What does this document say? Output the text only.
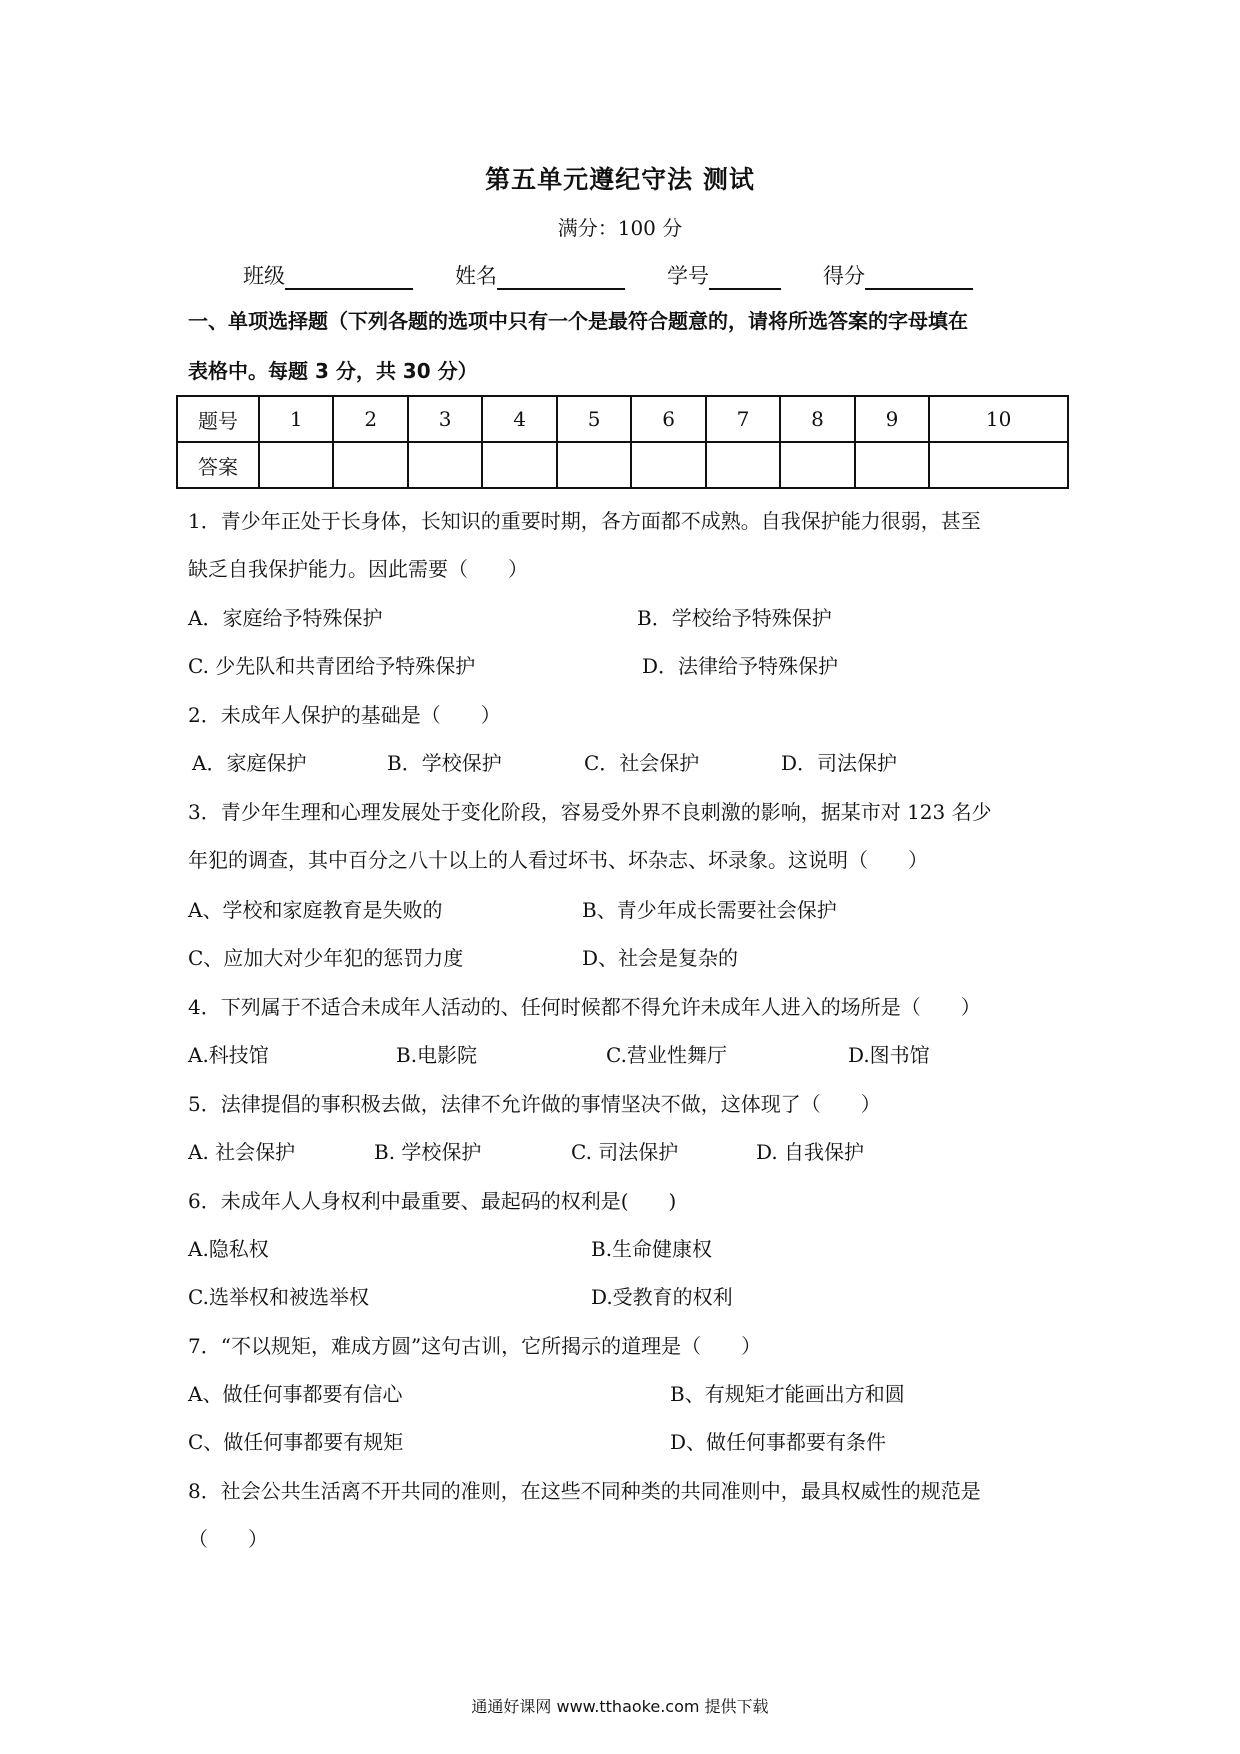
第五单元遵纪守法 测试
满分：100 分
班级	姓名	学号	得分
一、单项选择题（下列各题的选项中只有一个是最符合题意的，请将所选答案的字母填在
表格中。每题 3 分，共 30 分）
题号	1	2	3	4	5	6	7	8	9	10
答案										
1．青少年正处于长身体，长知识的重要时期，各方面都不成熟。自我保护能力很弱，甚至
缺乏自我保护能力。因此需要（　　）
A．家庭给予特殊保护	B．学校给予特殊保护
C. 少先队和共青团给予特殊保护	D．法律给予特殊保护
2．未成年人保护的基础是（　　）
A．家庭保护	B．学校保护	C．社会保护	D．司法保护
3．青少年生理和心理发展处于变化阶段，容易受外界不良刺激的影响，据某市对 123 名少
年犯的调查，其中百分之八十以上的人看过坏书、坏杂志、坏录象。这说明（　　）
A、学校和家庭教育是失败的	B、青少年成长需要社会保护
C、应加大对少年犯的惩罚力度	D、社会是复杂的
4．下列属于不适合未成年人活动的、任何时候都不得允许未成年人进入的场所是（　　）
A.科技馆	B.电影院	C.营业性舞厅	D.图书馆
5．法律提倡的事积极去做，法律不允许做的事情坚决不做，这体现了（　　）
A. 社会保护	B. 学校保护	C. 司法保护	D. 自我保护
6．未成年人人身权利中最重要、最起码的权利是(　　)
A.隐私权	B.生命健康权
C.选举权和被选举权	D.受教育的权利
7．“不以规矩，难成方圆”这句古训，它所揭示的道理是（　　）
A、做任何事都要有信心	B、有规矩才能画出方和圆
C、做任何事都要有规矩	D、做任何事都要有条件
8．社会公共生活离不开共同的准则，在这些不同种类的共同准则中，最具权威性的规范是
（　　）
通通好课网 www.tthaoke.com 提供下载
